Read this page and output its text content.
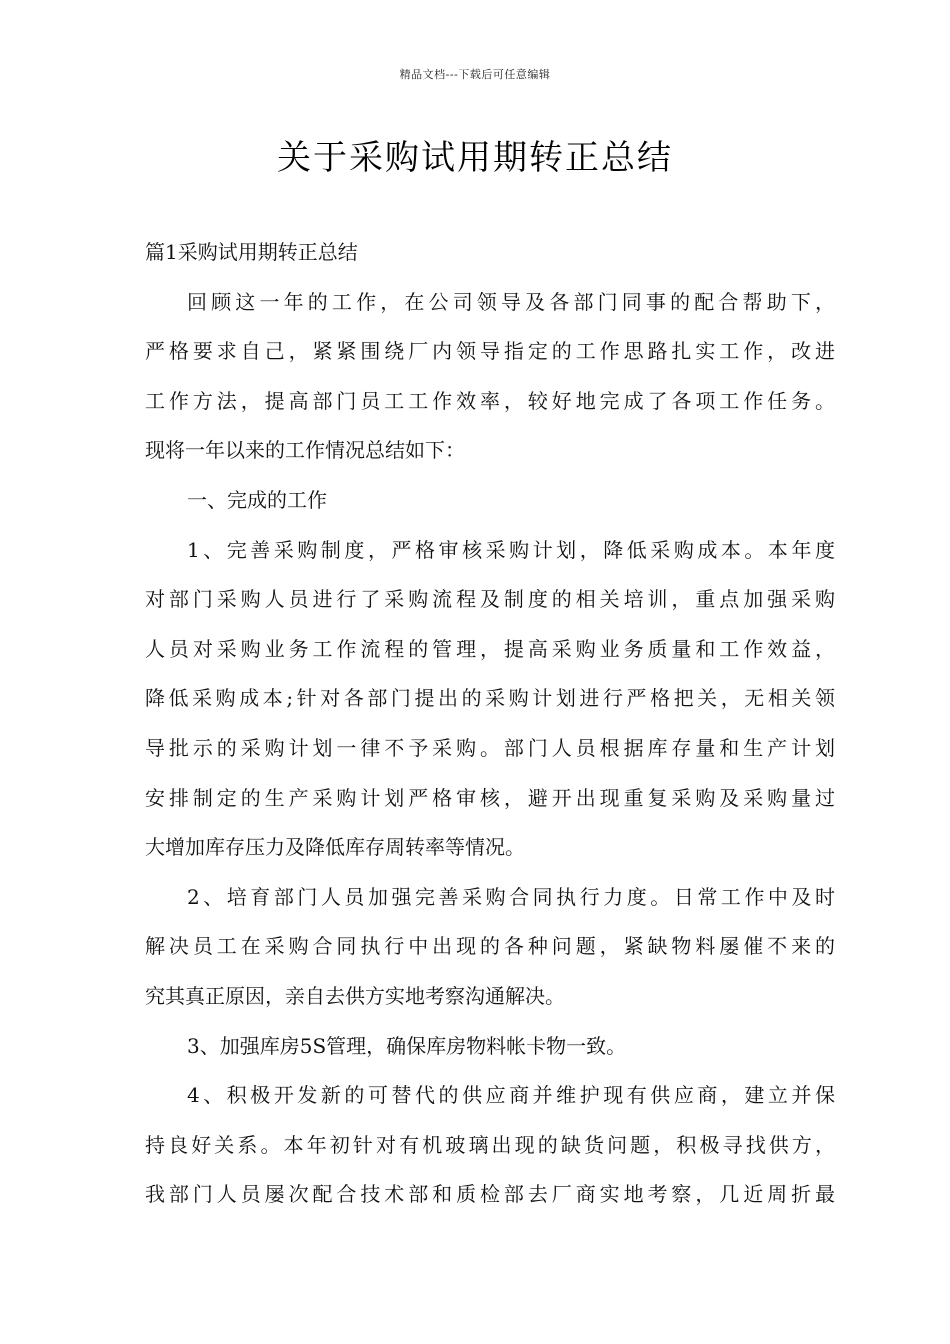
精品文档---下载后可任意编辑
关于采购试用期转正总结
篇1采购试用期转正总结
回顾这一年的工作，在公司领导及各部门同事的配合帮助下，
严格要求自己，紧紧围绕厂内领导指定的工作思路扎实工作，改进
工作方法，提高部门员工工作效率，较好地完成了各项工作任务。
现将一年以来的工作情况总结如下：
一、完成的工作
1、完善采购制度，严格审核采购计划，降低采购成本。本年度
对部门采购人员进行了采购流程及制度的相关培训，重点加强采购
人员对采购业务工作流程的管理，提高采购业务质量和工作效益，
降低采购成本;针对各部门提出的采购计划进行严格把关，无相关领
导批示的采购计划一律不予采购。部门人员根据库存量和生产计划
安排制定的生产采购计划严格审核，避开出现重复采购及采购量过
大增加库存压力及降低库存周转率等情况。
2、培育部门人员加强完善采购合同执行力度。日常工作中及时
解决员工在采购合同执行中出现的各种问题，紧缺物料屡催不来的
究其真正原因，亲自去供方实地考察沟通解决。
3、加强库房5S管理，确保库房物料帐卡物一致。
4、积极开发新的可替代的供应商并维护现有供应商，建立并保
持良好关系。本年初针对有机玻璃出现的缺货问题，积极寻找供方，
我部门人员屡次配合技术部和质检部去厂商实地考察，几近周折最
